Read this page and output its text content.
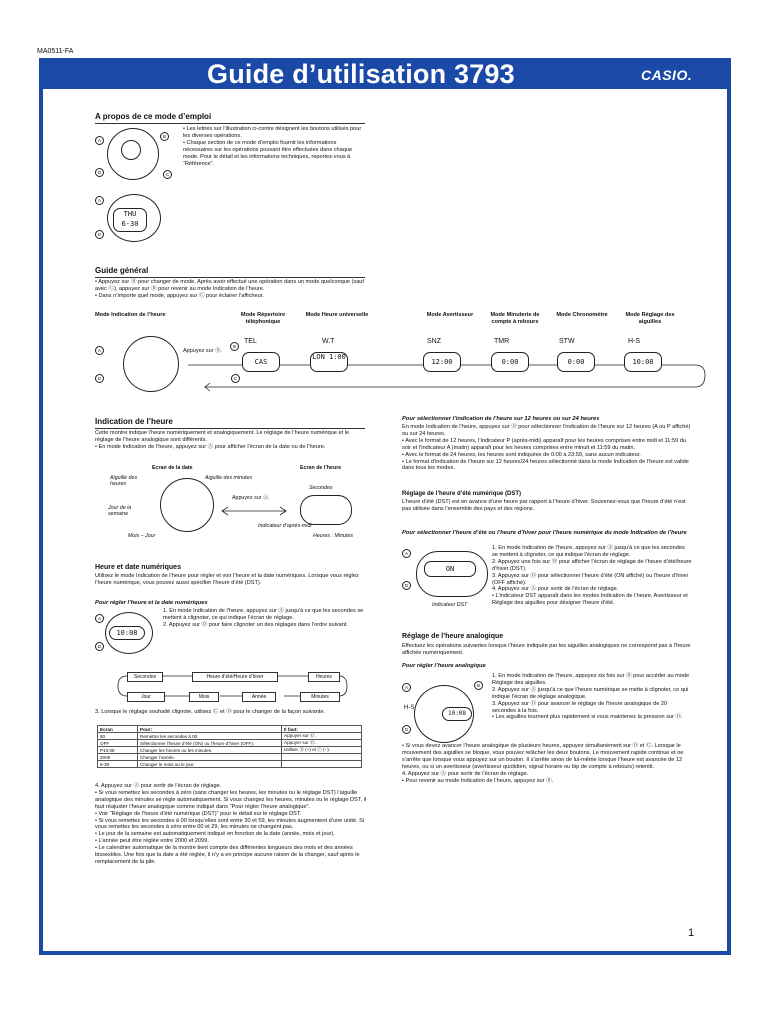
MA0511-FA
Guide d’utilisation 3793	CASIO.
A propos de ce mode d’emploi
A
D
B
C
A
D
THU
6-30

• Les lettres sur l’illustration ci-contre désignent les boutons utilisés pour les diverses opérations.

• Chaque section de ce mode d’emploi fournit les informations nécessaires sur les opérations pouvant être effectuées dans chaque mode. Pour le détail et les informations techniques, reportez-vous à “Référence”.

Guide général

• Appuyez sur Ⓑ pour changer de mode. Après avoir effectué une opération dans un mode quelconque (sauf avec Ⓒ), appuyez sur Ⓑ pour revenir au mode Indication de l’heure.

• Dans n’importe quel mode, appuyez sur Ⓒ pour éclairer l’afficheur.

Mode Indication de l’heure	Mode Répertoire téléphonique
Mode Heure universelle	Mode Avertisseur	Mode Minuterie de compte à rebours
Mode Chronomètre	Mode Réglage des aiguilles
A
D
B
C
Appuyez sur Ⓑ.
CAS
TEL
LON 1:00
W.T
12:00
SNZ
0:00
TMR
0:00
STW
10:08
H-S
Indication de l’heure

Cette montre indique l’heure numériquement et analogiquement. Le réglage de l’heure numérique et le réglage de l’heure analogique sont différents.

• En mode Indication de l’heure, appuyez sur Ⓐ pour afficher l’écran de la date ou de l’heure.

Ecran de la date	Ecran de l’heure
Aiguille des heures
Aiguille des minutes
Jour de la semaine
Mois – Jour
Appuyez sur Ⓐ.
Secondes
Indicateur d’après-midi
Heures : Minutes
Heure et date numériques
Utilisez le mode Indication de l’heure pour régler et voir l’heure et la date numériques. Lorsque vous réglez l’heure numérique, vous pouvez aussi spécifier l’heure d’été (DST).
Pour régler l’heure et la date numériques
A
D
10:08

1. En mode Indication de l’heure, appuyez sur Ⓐ jusqu’à ce que les secondes se mettent à clignoter, ce qui indique l’écran de réglage.

2. Appuyez sur Ⓓ pour faire clignoter un des réglages dans l’ordre suivant.

Secondes	Heure d’été/Heure d’hiver	Heures
Jour	Mois	Année	Minutes
3. Lorsque le réglage souhaité clignote, utilisez Ⓒ et Ⓓ pour le changer de la façon suivante.
Ecran	Pour:	Il faut:
50	Remettre les secondes à 00.	Appuyer sur Ⓓ.
OFF	Sélectionner l’heure d’été (ON) ou l’heure d’hiver (OFF).	Appuyer sur Ⓓ.
P10:08	Changer les heures ou les minutes.	Utiliser Ⓓ (+) et Ⓒ (–).
2005	Changer l’année.	
6-30	Changer le mois ou le jour.	

4. Appuyez sur Ⓐ pour sortir de l’écran de réglage.

• Si vous remettez les secondes à zéro (sans changer les heures, les minutes ou le réglage DST) l’aiguille analogique des minutes se règle automatiquement. Si vous changez les heures, minutes ou le réglage DST, il faut réajuster l’heure analogique comme indiqué dans “Pour régler l’heure analogique”.

• Voir “Réglage de l’heure d’été numérique (DST)” pour le détail sur le réglage DST.

• Si vous remettez les secondes à 00 lorsqu’elles sont entre 30 et 59, les minutes augmentent d’une unité. Si vous remettez les secondes à zéro entre 00 et 29, les minutes ne changent pas.

• Le jour de la semaine est automatiquement indiqué en fonction de la date (année, mois et jour).

• L’année peut être réglée entre 2000 et 2099.

• Le calendrier automatique de la montre tient compte des différentes longueurs des mois et des années bissextiles. Une fois que la date a été réglée, il n’y a en principe aucune raison de la changer, sauf après le remplacement de la pile.

Pour sélectionner l’indication de l’heure sur 12 heures ou sur 24 heures

En mode Indication de l’heure, appuyez sur Ⓓ pour sélectionner l’indication de l’heure sur 12 heures (A ou P affiché) ou sur 24 heures.

• Avec le format de 12 heures, l’indicateur P (après-midi) apparaît pour les heures comprises entre midi et 11:59 du soir et l’indicateur A (matin) apparaît pour les heures comprises entre minuit et 11:59 du matin.

• Avec le format de 24 heures, les heures sont indiquées de 0:00 à 23:59, sans aucun indicateur.

• Le format d’indication de l’heure sur 12 heures/24 heures sélectionné dans le mode Indication de l’heure est valide dans tous les modes.

Réglage de l’heure d’été numérique (DST)
L’heure d’été (DST) est en avance d’une heure par rapport à l’heure d’hiver. Souvenez-vous que l’heure d’été n’est pas utilisée dans l’ensemble des pays et des régions.
Pour sélectionner l’heure d’été ou l’heure d’hiver pour l’heure numérique du mode Indication de l’heure
A
D
ON
Indicateur DST

1. En mode Indication de l’heure, appuyez sur Ⓐ jusqu’à ce que les secondes se mettent à clignoter, ce qui indique l’écran de réglage.

2. Appuyez une fois sur Ⓓ pour afficher l’écran de réglage de l’heure d’été/heure d’hiver (DST).

3. Appuyez sur Ⓓ pour sélectionner l’heure d’été (ON affiché) ou l’heure d’hiver (OFF affiché).

4. Appuyez sur Ⓐ pour sortir de l’écran de réglage.

• L’indicateur DST apparaît dans les modes Indication de l’heure, Avertisseur et Réglage des aiguilles pour désigner l’heure d’été.

Réglage de l’heure analogique
Effectuez les opérations suivantes lorsque l’heure indiquée par les aiguilles analogiques ne correspond pas à l’heure affichée numériquement.
Pour régler l’heure analogique
A
D
B
H-S
10:08

1. En mode Indication de l’heure, appuyez six fois sur Ⓑ pour accéder au mode Réglage des aiguilles.

2. Appuyez sur Ⓐ jusqu’à ce que l’heure numérique se mette à clignoter, ce qui indique l’écran de réglage analogique.

3. Appuyez sur Ⓓ pour avancer le réglage de l’heure analogique de 20 secondes à la fois.

• Les aiguilles tournent plus rapidement si vous maintenez la pression sur Ⓓ.

• Si vous devez avancer l’heure analogique de plusieurs heures, appuyez simultanément sur Ⓓ et Ⓒ. Lorsque le mouvement des aiguilles se bloque, vous pouvez relâcher les deux boutons. Le mouvement rapide continue et ne s’arrête que lorsque vous appuyez sur un bouton. Il s’arrête sinon de lui-même lorsque l’heure est avancée de 12 heures, ou si un avertisseur (avertisseur quotidien, signal horaire ou bip de compte à rebours) retentit.

4. Appuyez sur Ⓐ pour sortir de l’écran de réglage.

• Pour revenir au mode Indication de l’heure, appuyez sur Ⓑ.

1
